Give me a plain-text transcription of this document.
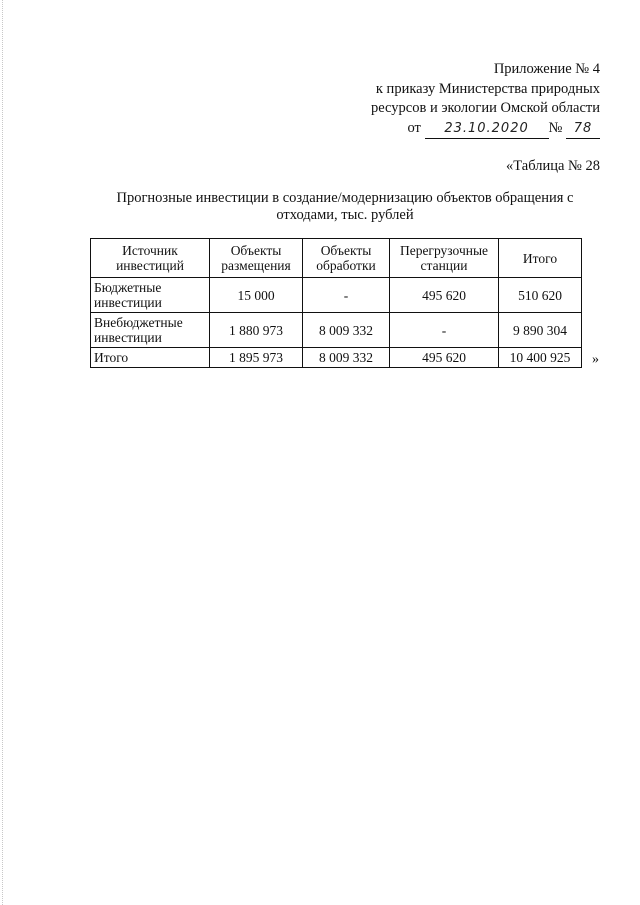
Приложение № 4
к приказу Министерства природных
ресурсов и экологии Омской области
от 23.10.2020 № 78
«Таблица № 28
Прогнозные инвестиции в создание/модернизацию объектов обращения с отходами, тыс. рублей
Источник инвестиций	Объекты размещения	Объекты обработки	Перегрузочные станции	Итого
Бюджетные инвестиции	15 000	-	495 620	510 620
Внебюджетные инвестиции	1 880 973	8 009 332	-	9 890 304
Итого	1 895 973	8 009 332	495 620	10 400 925 »
